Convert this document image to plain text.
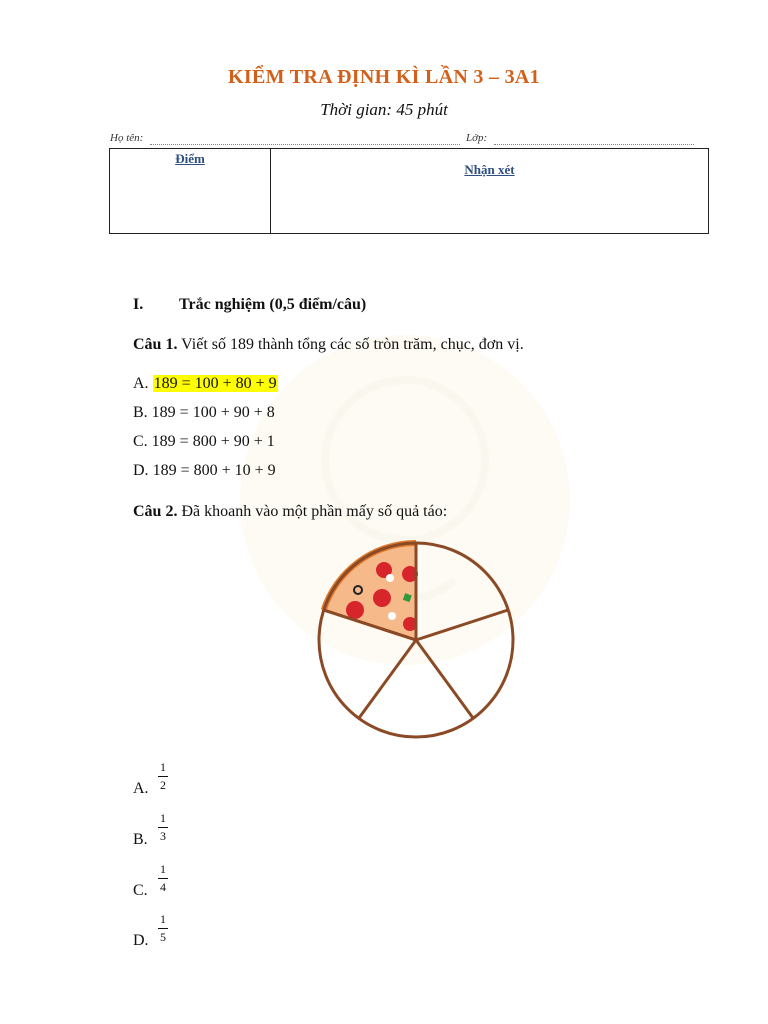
KIỂM TRA ĐỊNH KÌ LẦN 3 – 3A1
Thời gian: 45 phút
Họ tên:	Lớp:
Điểm
Nhận xét
I. Trắc nghiệm (0,5 điểm/câu)
Câu 1. Viết số 189 thành tổng các số tròn trăm, chục, đơn vị.
A. 189 = 100 + 80 + 9
B. 189 = 100 + 90 + 8
C. 189 = 800 + 90 + 1
D. 189 = 800 + 10 + 9
Câu 2. Đã khoanh vào một phần mấy số quả táo:
A.
1
2
B.
1
3
C.
1
4
D.
1
5
